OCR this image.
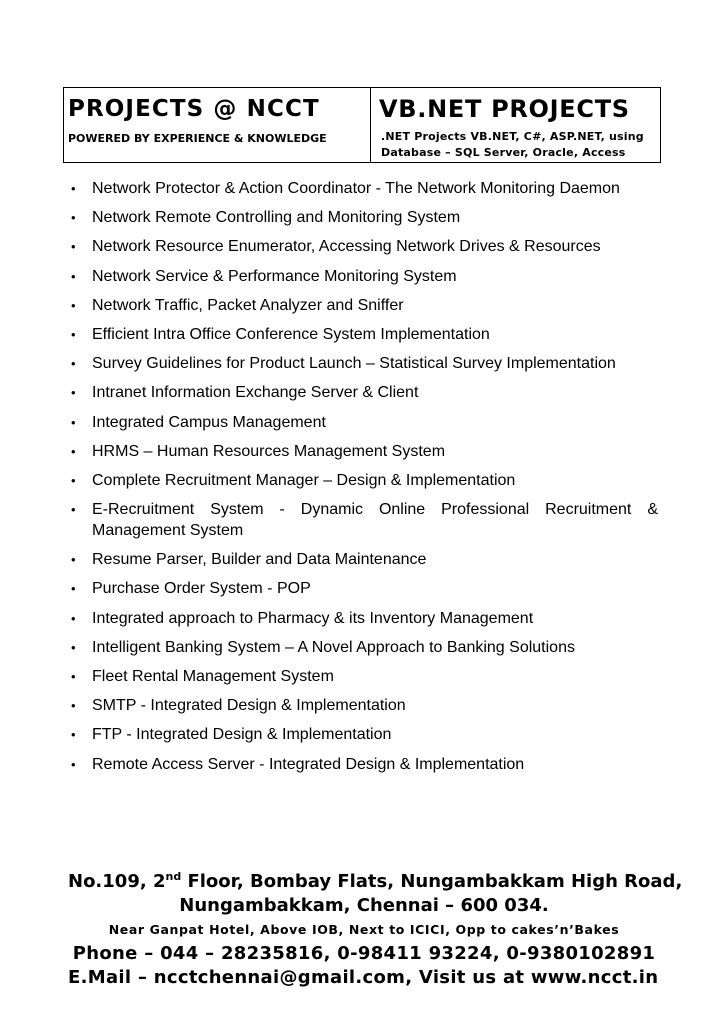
PROJECTS @ NCCT
POWERED BY EXPERIENCE & KNOWLEDGE
VB.NET PROJECTS
.NET Projects VB.NET, C#, ASP.NET, using
Database – SQL Server, Oracle, Access
• Network Protector & Action Coordinator - The Network Monitoring Daemon
• Network Remote Controlling and Monitoring System
• Network Resource Enumerator, Accessing Network Drives & Resources
• Network Service & Performance Monitoring System
• Network Traffic, Packet Analyzer and Sniffer
• Efficient Intra Office Conference System Implementation
• Survey Guidelines for Product Launch – Statistical Survey Implementation
• Intranet Information Exchange Server & Client
• Integrated Campus Management
• HRMS – Human Resources Management System
• Complete Recruitment Manager – Design & Implementation
• E-Recruitment System - Dynamic Online Professional Recruitment & Management System
• Resume Parser, Builder and Data Maintenance
• Purchase Order System - POP
• Integrated approach to Pharmacy & its Inventory Management
• Intelligent Banking System – A Novel Approach to Banking Solutions
• Fleet Rental Management System
• SMTP - Integrated Design & Implementation
• FTP - Integrated Design & Implementation
• Remote Access Server - Integrated Design & Implementation
No.109, 2nd Floor, Bombay Flats, Nungambakkam High Road,
Nungambakkam, Chennai – 600 034.
Near Ganpat Hotel, Above IOB, Next to ICICI, Opp to cakes’n’Bakes
Phone – 044 – 28235816, 0-98411 93224, 0-9380102891
E.Mail – ncctchennai@gmail.com, Visit us at www.ncct.in
